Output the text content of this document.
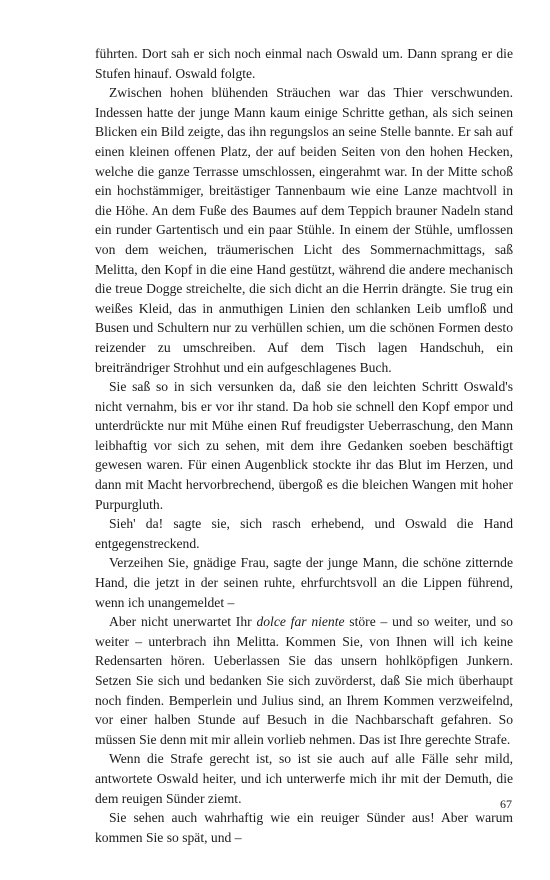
führten. Dort sah er sich noch einmal nach Oswald um. Dann sprang er die Stufen hinauf. Oswald folgte.

Zwischen hohen blühenden Sträuchen war das Thier verschwunden. Indessen hatte der junge Mann kaum einige Schritte gethan, als sich seinen Blicken ein Bild zeigte, das ihn regungslos an seine Stelle bannte. Er sah auf einen kleinen offenen Platz, der auf beiden Seiten von den hohen Hecken, welche die ganze Terrasse umschlossen, eingerahmt war. In der Mitte schoß ein hochstämmiger, breitästiger Tannenbaum wie eine Lanze machtvoll in die Höhe. An dem Fuße des Baumes auf dem Teppich brauner Nadeln stand ein runder Gartentisch und ein paar Stühle. In einem der Stühle, umflossen von dem weichen, träumerischen Licht des Sommernachmittags, saß Melitta, den Kopf in die eine Hand gestützt, während die andere mechanisch die treue Dogge streichelte, die sich dicht an die Herrin drängte. Sie trug ein weißes Kleid, das in anmuthigen Linien den schlanken Leib umfloß und Busen und Schultern nur zu verhüllen schien, um die schönen Formen desto reizender zu umschreiben. Auf dem Tisch lagen Handschuh, ein breiträndriger Strohhut und ein aufgeschlagenes Buch.

Sie saß so in sich versunken da, daß sie den leichten Schritt Oswald's nicht vernahm, bis er vor ihr stand. Da hob sie schnell den Kopf empor und unterdrückte nur mit Mühe einen Ruf freudigster Ueberraschung, den Mann leibhaftig vor sich zu sehen, mit dem ihre Gedanken soeben beschäftigt gewesen waren. Für einen Augenblick stockte ihr das Blut im Herzen, und dann mit Macht hervorbrechend, übergoß es die bleichen Wangen mit hoher Purpurgluth.

Sieh' da! sagte sie, sich rasch erhebend, und Oswald die Hand entgegenstreckend.

Verzeihen Sie, gnädige Frau, sagte der junge Mann, die schöne zitternde Hand, die jetzt in der seinen ruhte, ehrfurchtsvoll an die Lippen führend, wenn ich unangemeldet –

Aber nicht unerwartet Ihr dolce far niente störe – und so weiter, und so weiter – unterbrach ihn Melitta. Kommen Sie, von Ihnen will ich keine Redensarten hören. Ueberlassen Sie das unsern hohlköpfigen Junkern. Setzen Sie sich und bedanken Sie sich zuvörderst, daß Sie mich überhaupt noch finden. Bemperlein und Julius sind, an Ihrem Kommen verzweifelnd, vor einer halben Stunde auf Besuch in die Nachbarschaft gefahren. So müssen Sie denn mit mir allein vorlieb nehmen. Das ist Ihre gerechte Strafe.

Wenn die Strafe gerecht ist, so ist sie auch auf alle Fälle sehr mild, antwortete Oswald heiter, und ich unterwerfe mich ihr mit der Demuth, die dem reuigen Sünder ziemt.

Sie sehen auch wahrhaftig wie ein reuiger Sünder aus! Aber warum kommen Sie so spät, und –

67
